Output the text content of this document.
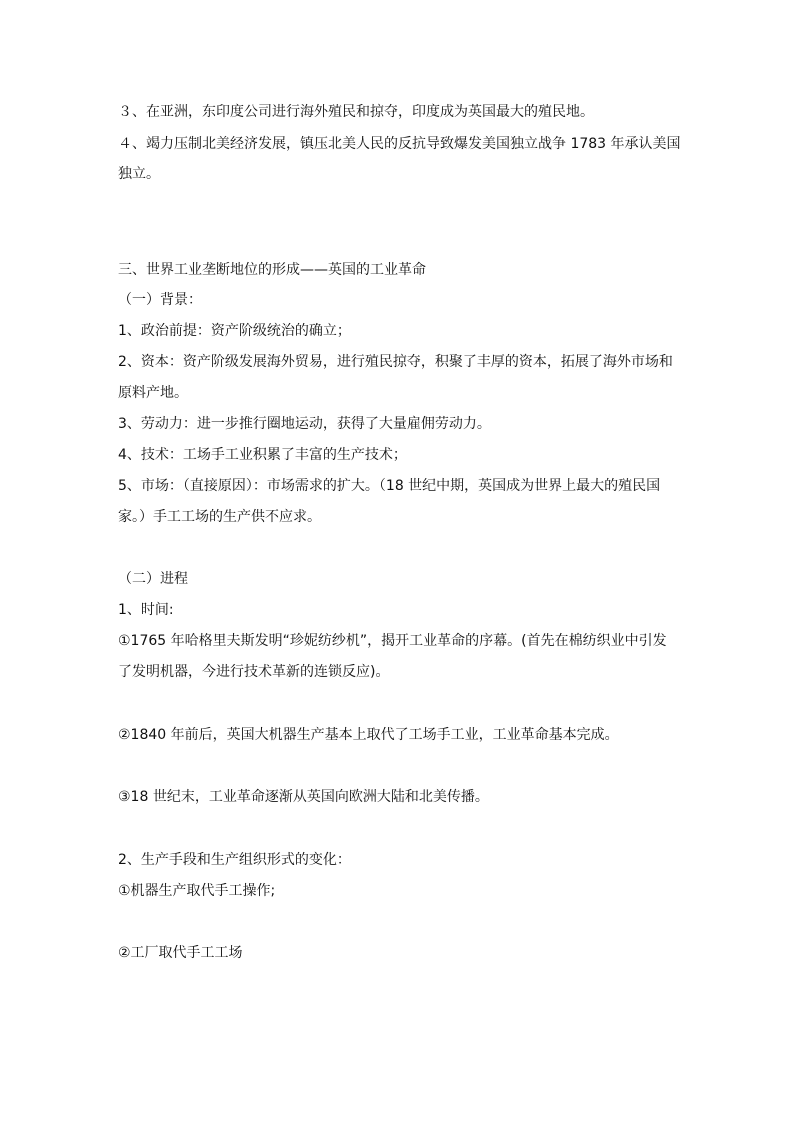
３、在亚洲，东印度公司进行海外殖民和掠夺，印度成为英国最大的殖民地。
４、竭力压制北美经济发展，镇压北美人民的反抗导致爆发美国独立战争 1783 年承认美国
独立。
三、世界工业垄断地位的形成——英国的工业革命
（一）背景：
1、政治前提：资产阶级统治的确立；
2、资本：资产阶级发展海外贸易，进行殖民掠夺，积聚了丰厚的资本，拓展了海外市场和
原料产地。
3、劳动力：进一步推行圈地运动，获得了大量雇佣劳动力。
4、技术：工场手工业积累了丰富的生产技术；
5、市场：（直接原因）：市场需求的扩大。（18 世纪中期，英国成为世界上最大的殖民国
家。）手工工场的生产供不应求。
（二）进程
1、时间:
①1765 年哈格里夫斯发明“珍妮纺纱机”，揭开工业革命的序幕。(首先在棉纺织业中引发
了发明机器，今进行技术革新的连锁反应)。
②1840 年前后，英国大机器生产基本上取代了工场手工业，工业革命基本完成。
③18 世纪末，工业革命逐渐从英国向欧洲大陆和北美传播。
2、生产手段和生产组织形式的变化：
①机器生产取代手工操作;
②工厂取代手工工场
